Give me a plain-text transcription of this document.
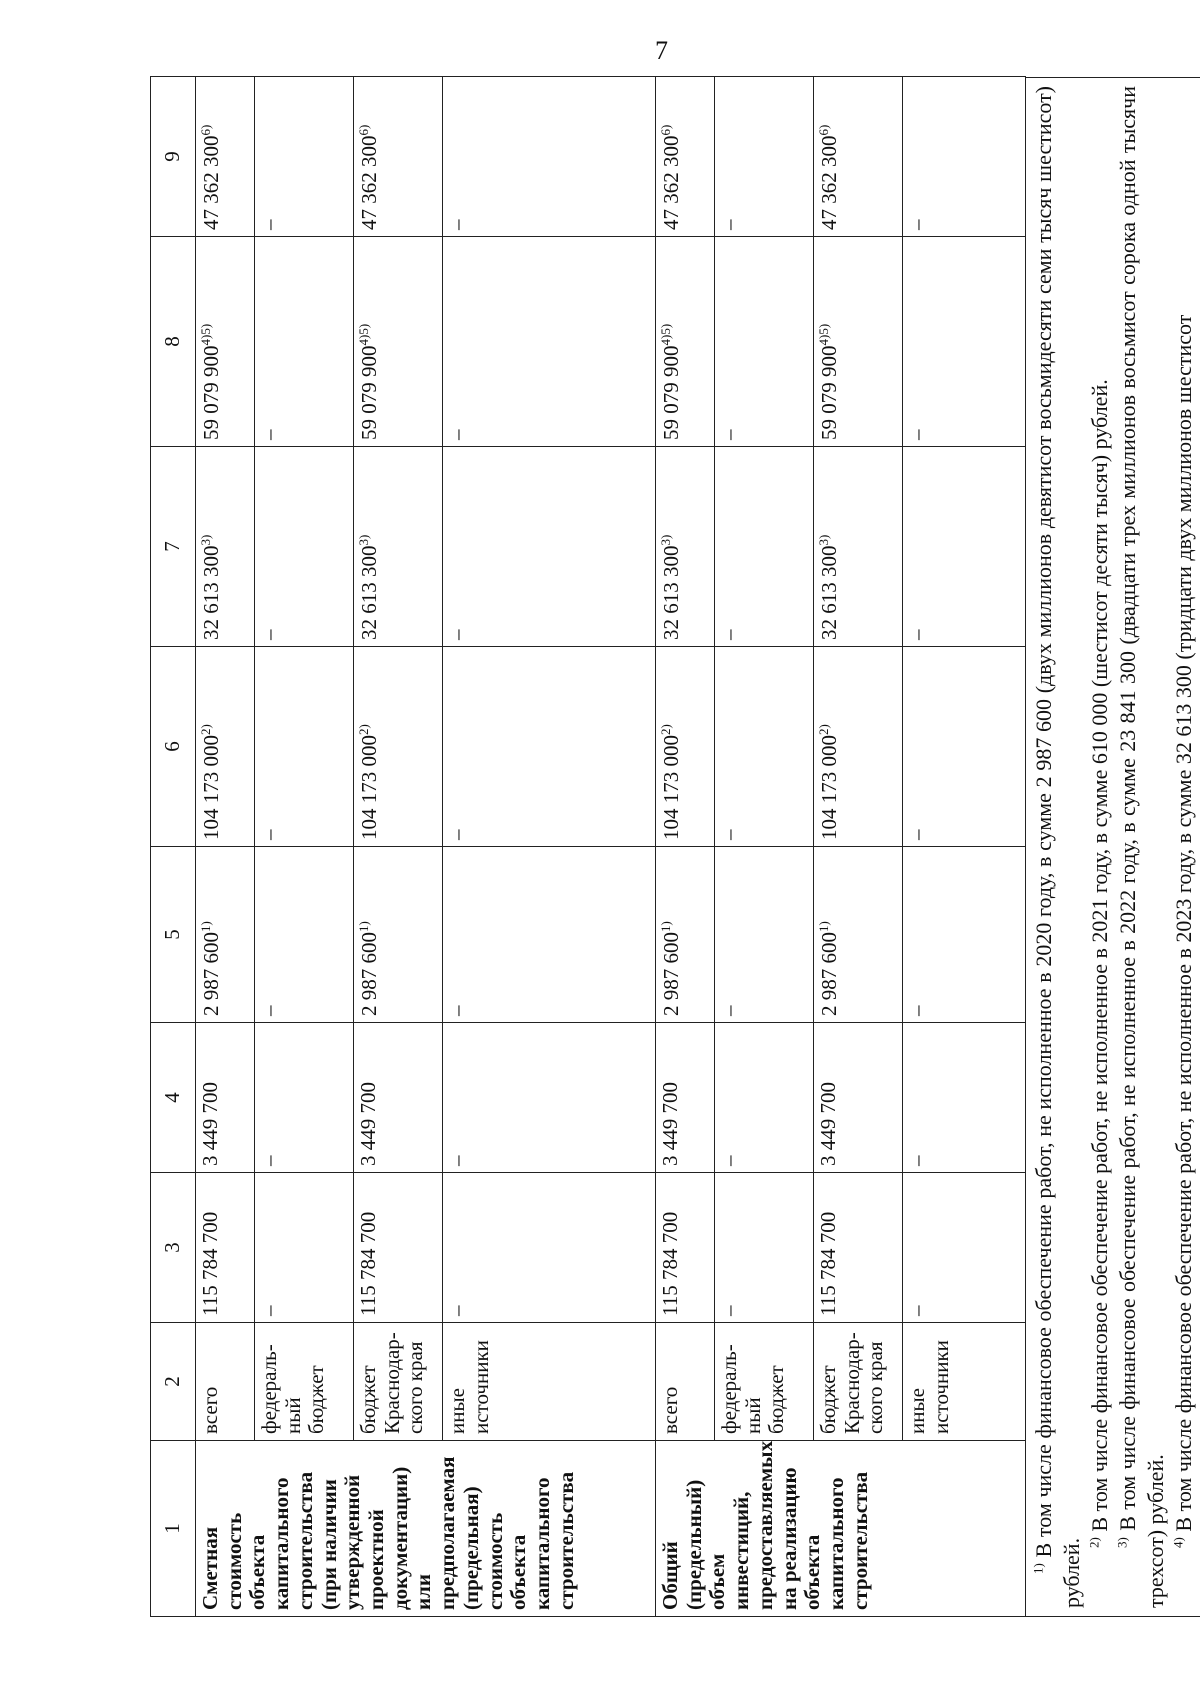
7
1	2	3	4	5	6	7	8	9
Сметная стоимость объекта капитального строительства (при наличии утвержденной проектной документации) или предполагаемая (предельная) стоимость объекта капитального строительства	всего	115 784 700	3 449 700	2 987 600$^{1)}$	104 173 000$^{2)}$	32 613 300$^{3)}$	59 079 $900^{4)5)}$	47 362 300$^{6)}$
	федераль-ный бюджет	–	–	–	–	–	–	–
	бюджет Краснодар-ского края	115 784 700	3 449 700	2 987 600$^{1)}$	104 173 000$^{2)}$	32 613 300$^{3)}$	59 079 $900^{4)5)}$	47 362 300$^{6)}$
	иные источники	–	–	–	–	–	–	–
Общий (предельный) объем инвестиций, предоставляемых на реализацию объекта капитального строительства	всего	115 784 700	3 449 700	2 987 600$^{1)}$	104 173 000$^{2)}$	32 613 300$^{3)}$	59 079 $900^{4)5)}$	47 362 300$^{6)}$
	федераль-ный бюджет	–	–	–	–	–	–	–
	бюджет Краснодар-ского края	115 784 700	3 449 700	2 987 600$^{1)}$	104 173 000$^{2)}$	32 613 300$^{3)}$	59 079 $900^{4)5)}$	47 362 300$^{6)}$
	иные источники	–	–	–	–	–	–	–

$^{1)}$ В том числе финансовое обеспечение работ, не исполненное в 2020 году, в сумме 2 987 600 (двух миллионов девятисот восьмидесяти семи тысяч шестисот) рублей. $^{2)}$ В том числе финансовое обеспечение работ, не исполненное в 2021 году, в сумме 610 000 (шестисот десяти тысяч) рублей.

$^{3)}$ В том числе финансовое обеспечение работ, не исполненное в 2022 году, в сумме 23 841 300 (двадцати трех миллионов восьмисот сорока одной тысячи трехсот) рублей. $^{4)}$ В том числе финансовое обеспечение работ, не исполненное в 2023 году, в сумме 32 613 300 (тридцати двух миллионов шестисот
